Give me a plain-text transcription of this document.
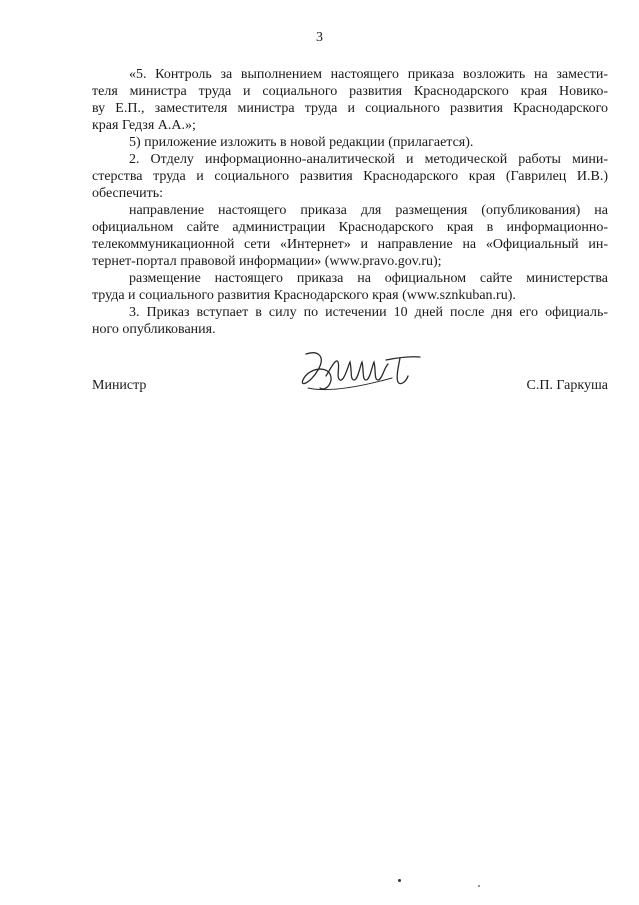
3

«5. Контроль за выполнением настоящего приказа возложить на замести-
теля министра труда и социального развития Краснодарского края Новико-
ву Е.П., заместителя министра труда и социального развития Краснодарского
края Гедзя А.А.»;

5) приложение изложить в новой редакции (прилагается).

2. Отделу информационно-аналитической и методической работы мини-
стерства труда и социального развития Краснодарского края (Гаврилец И.В.)
обеспечить:

направление настоящего приказа для размещения (опубликования) на
официальном сайте администрации Краснодарского края в информационно-
телекоммуникационной сети «Интернет» и направление на «Официальный ин-
тернет-портал правовой информации» (www.pravo.gov.ru);

размещение настоящего приказа на официальном сайте министерства
труда и социального развития Краснодарского края (www.sznkuban.ru).

3. Приказ вступает в силу по истечении 10 дней после дня его официаль-
ного опубликования.

Министр	С.П. Гаркуша
